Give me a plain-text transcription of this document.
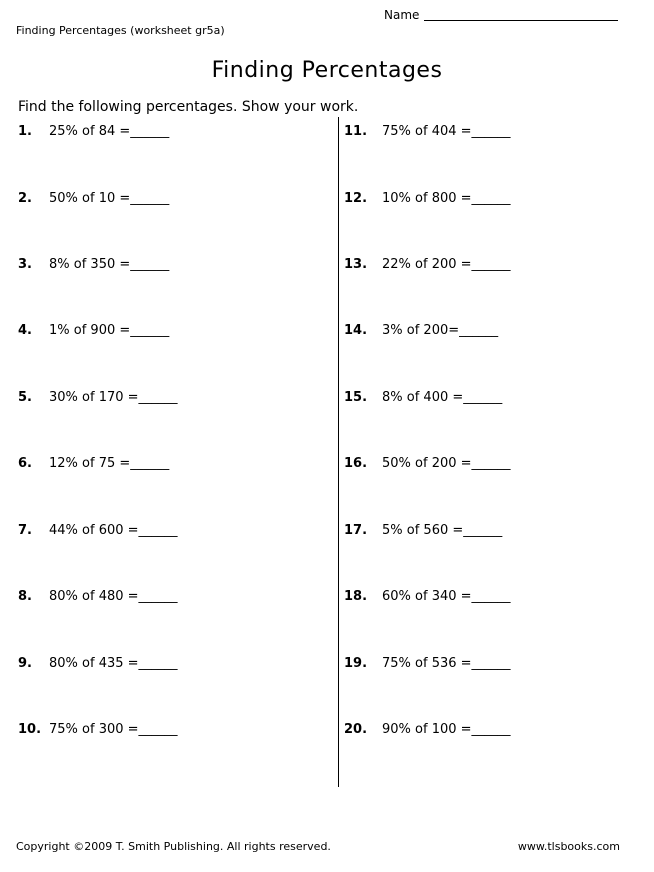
Name
Finding Percentages (worksheet gr5a)
Finding Percentages
Find the following percentages. Show your work.
1. 25% of 84 =______
2. 50% of 10 =______
3. 8% of 350 =______
4. 1% of 900 =______
5. 30% of 170 =______
6. 12% of 75 =______
7. 44% of 600 =______
8. 80% of 480 =______
9. 80% of 435 =______
10. 75% of 300 =______
11. 75% of 404 =______
12. 10% of 800 =______
13. 22% of 200 =______
14. 3% of 200=______
15. 8% of 400 =______
16. 50% of 200 =______
17. 5% of 560 =______
18. 60% of 340 =______
19. 75% of 536 =______
20. 90% of 100 =______
Copyright ©2009 T. Smith Publishing. All rights reserved.	www.tlsbooks.com
